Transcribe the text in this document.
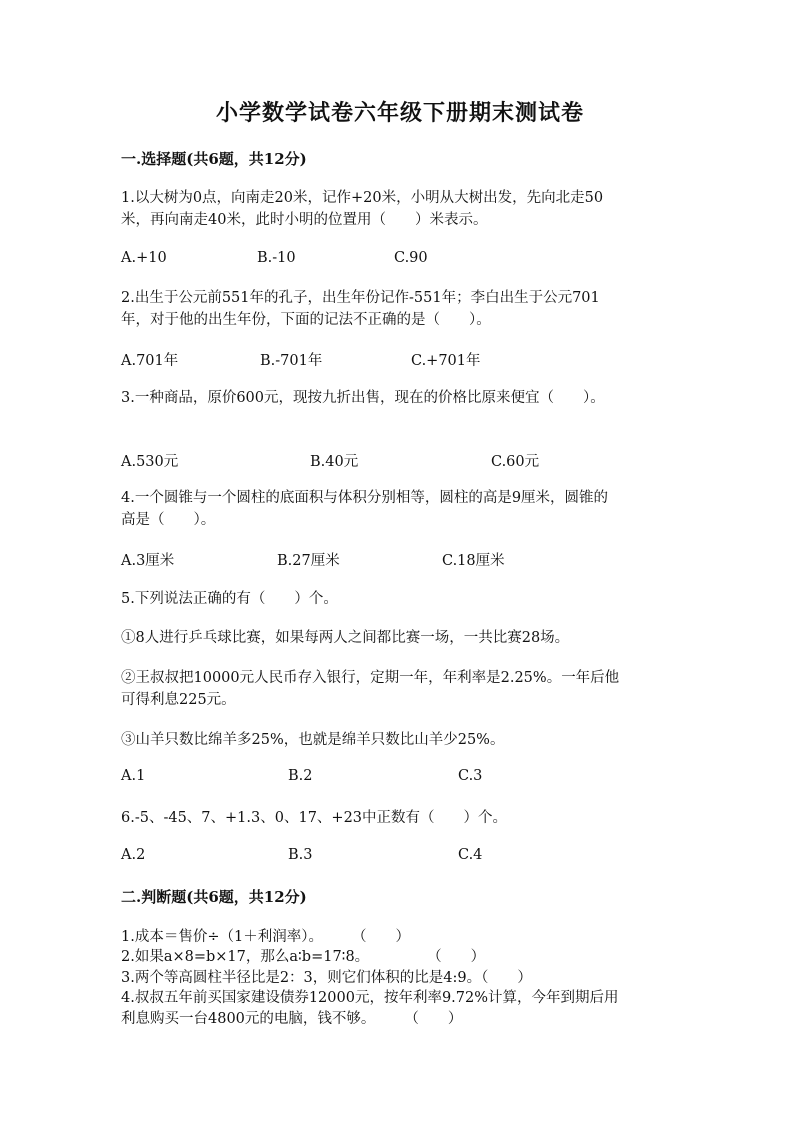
小学数学试卷六年级下册期末测试卷
一.选择题(共6题，共12分)
1.以大树为0点，向南走20米，记作+20米，小明从大树出发，先向北走50
米，再向南走40米，此时小明的位置用（　　）米表示。
A.+10	B.-10	C.90
2.出生于公元前551年的孔子，出生年份记作-551年；李白出生于公元701
年，对于他的出生年份，下面的记法不正确的是（　　）。
A.701年	B.-701年	C.+701年
3.一种商品，原价600元，现按九折出售，现在的价格比原来便宜（　　）。
A.530元	B.40元	C.60元
4.一个圆锥与一个圆柱的底面积与体积分别相等，圆柱的高是9厘米，圆锥的
高是（　　）。
A.3厘米	B.27厘米	C.18厘米
5.下列说法正确的有（　　）个。
①8人进行乒乓球比赛，如果每两人之间都比赛一场，一共比赛28场。
②王叔叔把10000元人民币存入银行，定期一年，年利率是2.25%。一年后他
可得利息225元。
③山羊只数比绵羊多25%，也就是绵羊只数比山羊少25%。
A.1	B.2	C.3
6.-5、-45、7、+1.3、0、17、+23中正数有（　　）个。
A.2	B.3	C.4
二.判断题(共6题，共12分)
1.成本＝售价÷（1＋利润率）。　　　（　　）
2.如果a×8=b×17，那么a∶b=17∶8。　　　　　（　　）
3.两个等高圆柱半径比是2：3，则它们体积的比是4:9。（　　）
4.叔叔五年前买国家建设债券12000元，按年利率9.72%计算，今年到期后用
利息购买一台4800元的电脑，钱不够。　　　（　　）
